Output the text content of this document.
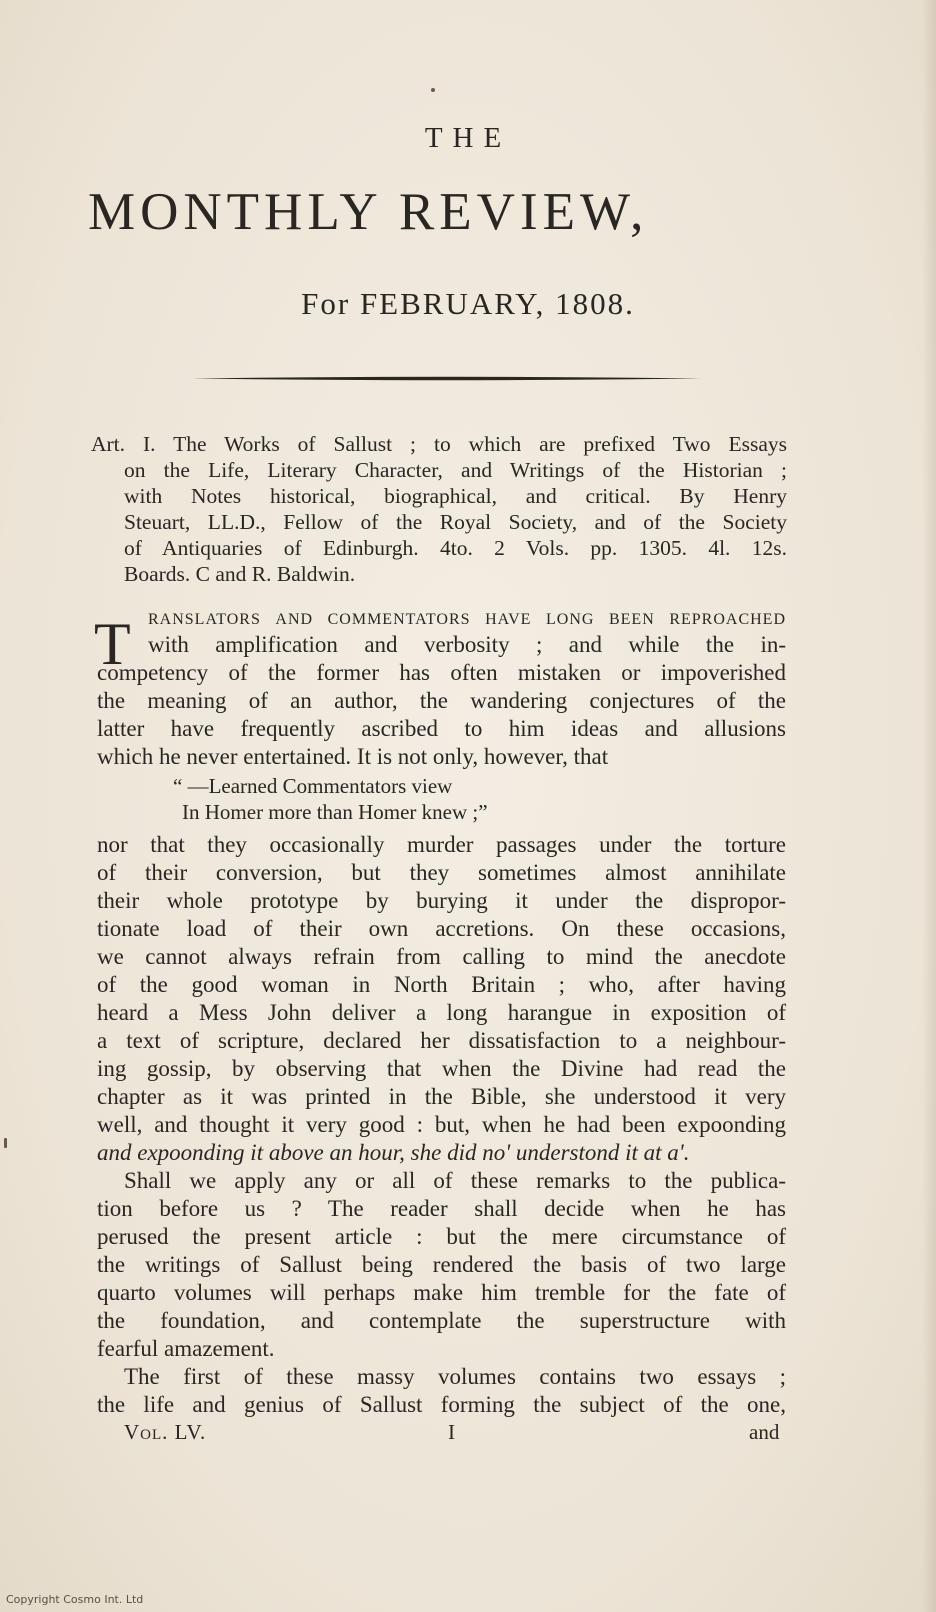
THE
MONTHLY REVIEW,
For FEBRUARY, 1808.
Art. I. The Works of Sallust ; to which are prefixed Two Essays
on the Life, Literary Character, and Writings of the Historian ;
with Notes historical, biographical, and critical. By Henry
Steuart, LL.D., Fellow of the Royal Society, and of the Society
of Antiquaries of Edinburgh. 4to. 2 Vols. pp. 1305. 4l. 12s.
Boards. C and R. Baldwin.
T ranslators and commentators have long been reproached
with amplification and verbosity ; and while the in-
competency of the former has often mistaken or impoverished
the meaning of an author, the wandering conjectures of the
latter have frequently ascribed to him ideas and allusions
which he never entertained. It is not only, however, that
“ —Learned Commentators view
In Homer more than Homer knew ;”
nor that they occasionally murder passages under the torture
of their conversion, but they sometimes almost annihilate
their whole prototype by burying it under the dispropor-
tionate load of their own accretions. On these occasions,
we cannot always refrain from calling to mind the anecdote
of the good woman in North Britain ; who, after having
heard a Mess John deliver a long harangue in exposition of
a text of scripture, declared her dissatisfaction to a neighbour-
ing gossip, by observing that when the Divine had read the
chapter as it was printed in the Bible, she understood it very
well, and thought it very good : but, when he had been expoonding
and expoonding it above an hour, she did no' understond it at a'.
Shall we apply any or all of these remarks to the publica-
tion before us ? The reader shall decide when he has
perused the present article : but the mere circumstance of
the writings of Sallust being rendered the basis of two large
quarto volumes will perhaps make him tremble for the fate of
the foundation, and contemplate the superstructure with
fearful amazement.
The first of these massy volumes contains two essays ;
the life and genius of Sallust forming the subject of the one,
Vol. LV.	I	and
Copyright Cosmo Int. Ltd
